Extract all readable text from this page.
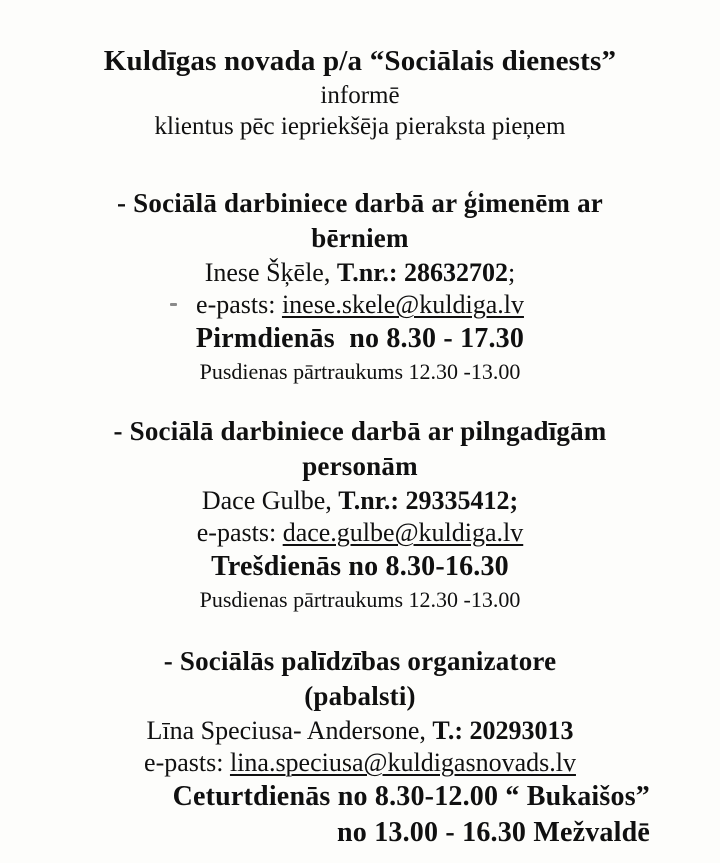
Kuldīgas novada p/a “Sociālais dienests”
informē
klientus pēc iepriekšēja pieraksta pieņem
- Sociālā darbiniece darbā ar ģimenēm ar
bērniem
Inese Šķēle, T.nr.: 28632702;
e-pasts: inese.skele@kuldiga.lv
Pirmdienās  no 8.30 - 17.30
Pusdienas pārtraukums 12.30 -13.00
- Sociālā darbiniece darbā ar pilngadīgām
personām
Dace Gulbe, T.nr.: 29335412;
e-pasts: dace.gulbe@kuldiga.lv
Trešdienās no 8.30-16.30
Pusdienas pārtraukums 12.30 -13.00
- Sociālās palīdzības organizatore
(pabalsti)
Līna Speciusa- Andersone, T.: 20293013
e-pasts: lina.speciusa@kuldigasnovads.lv
Ceturtdienās no 8.30-12.00 “ Bukaišos”
no 13.00 - 16.30 Mežvaldē
